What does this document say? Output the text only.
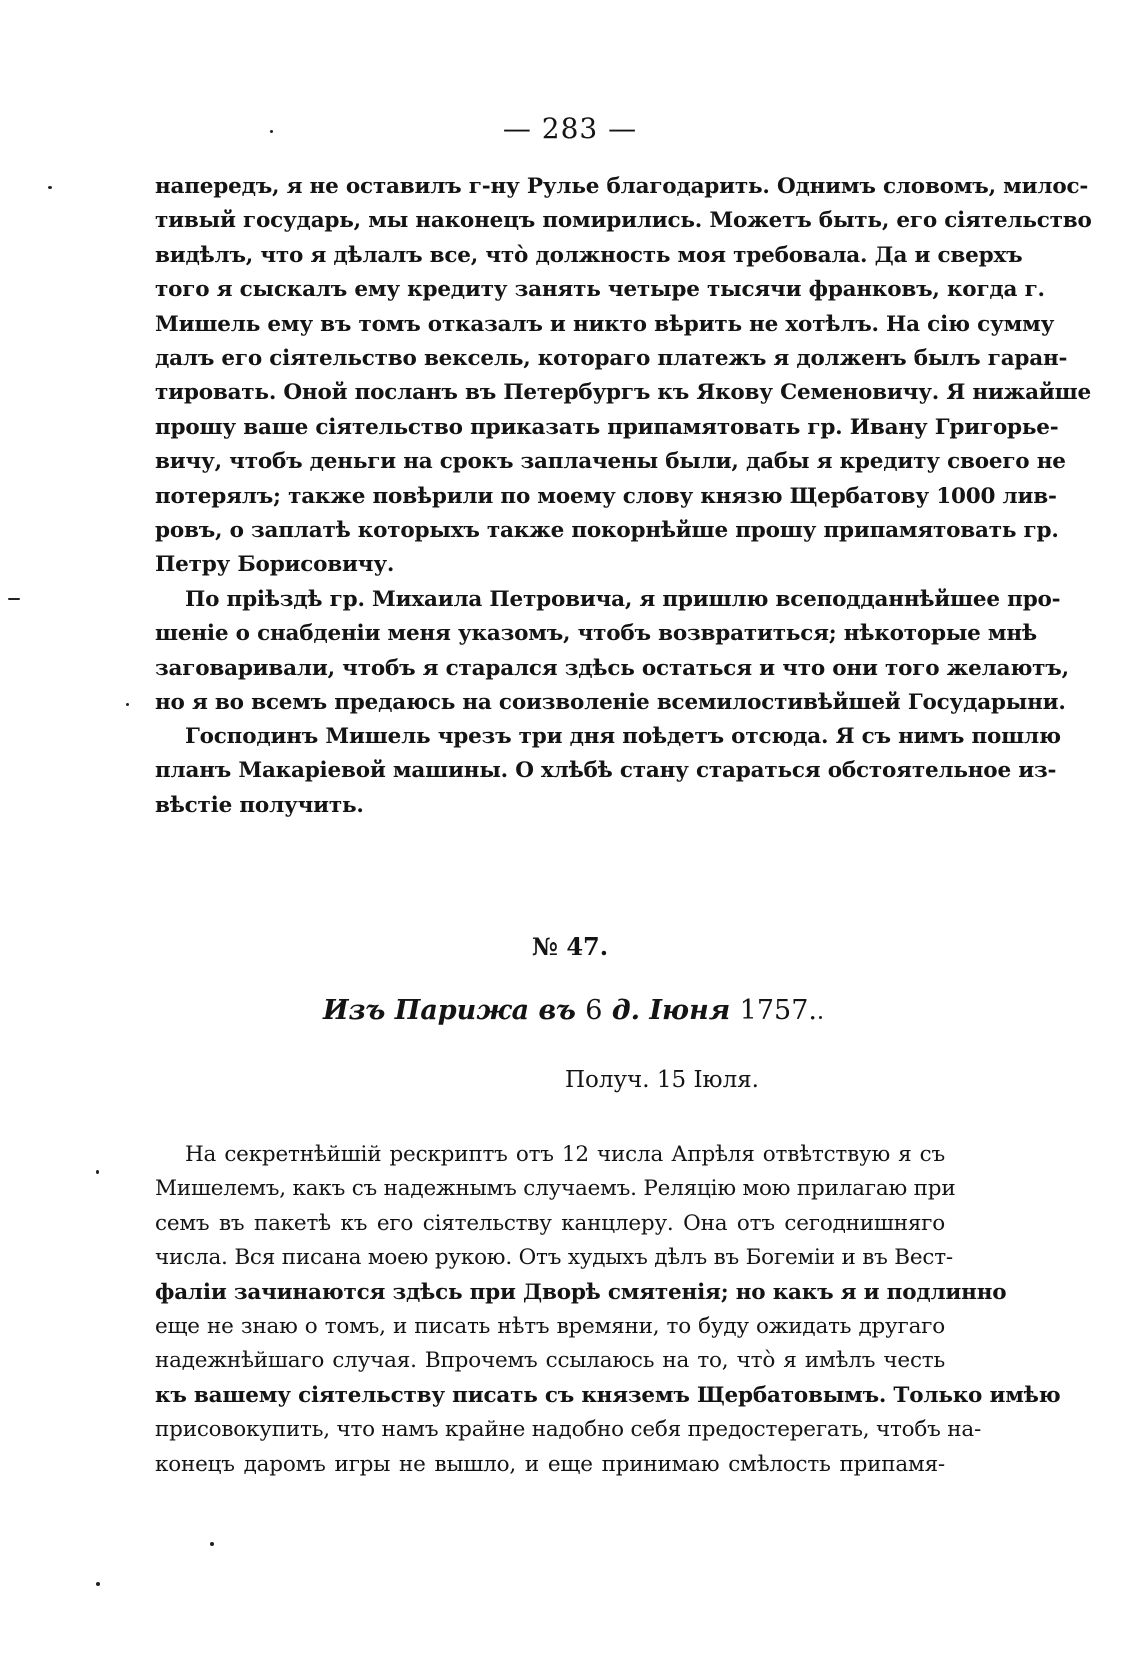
— 283 —
напередъ, я не оставилъ г-ну Рулье благодарить. Однимъ словомъ, милос-
тивый государь, мы наконецъ помирились. Можетъ быть, его сіятельство
видѣлъ, что я дѣлалъ все, что̀ должность моя требовала. Да и сверхъ
того я сыскалъ ему кредиту занять четыре тысячи франковъ, когда г.
Мишель ему въ томъ отказалъ и никто вѣрить не хотѣлъ. На сію сумму
далъ его сіятельство вексель, котораго платежъ я долженъ былъ гаран-
тировать. Оной посланъ въ Петербургъ къ Якову Семеновичу. Я нижайше
прошу ваше сіятельство приказать припамятовать гр. Ивану Григорье-
вичу, чтобъ деньги на срокъ заплачены были, дабы я кредиту своего не
потерялъ; также повѣрили по моему слову князю Щербатову 1000 лив-
ровъ, о заплатѣ которыхъ также покорнѣйше прошу припамятовать гр.
Петру Борисовичу.
По пріѣздѣ гр. Михаила Петровича, я пришлю всеподданнѣйшее про-
шеніе о снабденіи меня указомъ, чтобъ возвратиться; нѣкоторые мнѣ
заговаривали, чтобъ я старался здѣсь остаться и что они того желаютъ,
но я во всемъ предаюсь на соизволеніе всемилостивѣйшей Государыни.
Господинъ Мишель чрезъ три дня поѣдетъ отсюда. Я съ нимъ пошлю
планъ Макаріевой машины. О хлѣбѣ стану стараться обстоятельное из-
вѣстіе получить.
№ 47.
Изъ Парижа въ 6 д. Іюня 1757.
Получ. 15 Іюля.
На секретнѣйшій рескриптъ отъ 12 числа Апрѣля отвѣтствую я съ
Мишелемъ, какъ съ надежнымъ случаемъ. Реляцію мою прилагаю при
семъ въ пакетѣ къ его сіятельству канцлеру. Она отъ сегоднишняго
числа. Вся писана моею рукою. Отъ худыхъ дѣлъ въ Богеміи и въ Вест-
фаліи зачинаются здѣсь при Дворѣ смятенія; но какъ я и подлинно
еще не знаю о томъ, и писать нѣтъ времяни, то буду ожидать другаго
надежнѣйшаго случая. Впрочемъ ссылаюсь на то, что̀ я имѣлъ честь
къ вашему сіятельству писать съ княземъ Щербатовымъ. Только имѣю
присовокупить, что намъ крайне надобно себя предостерегать, чтобъ на-
конецъ даромъ игры не вышло, и еще принимаю смѣлость припамя-
